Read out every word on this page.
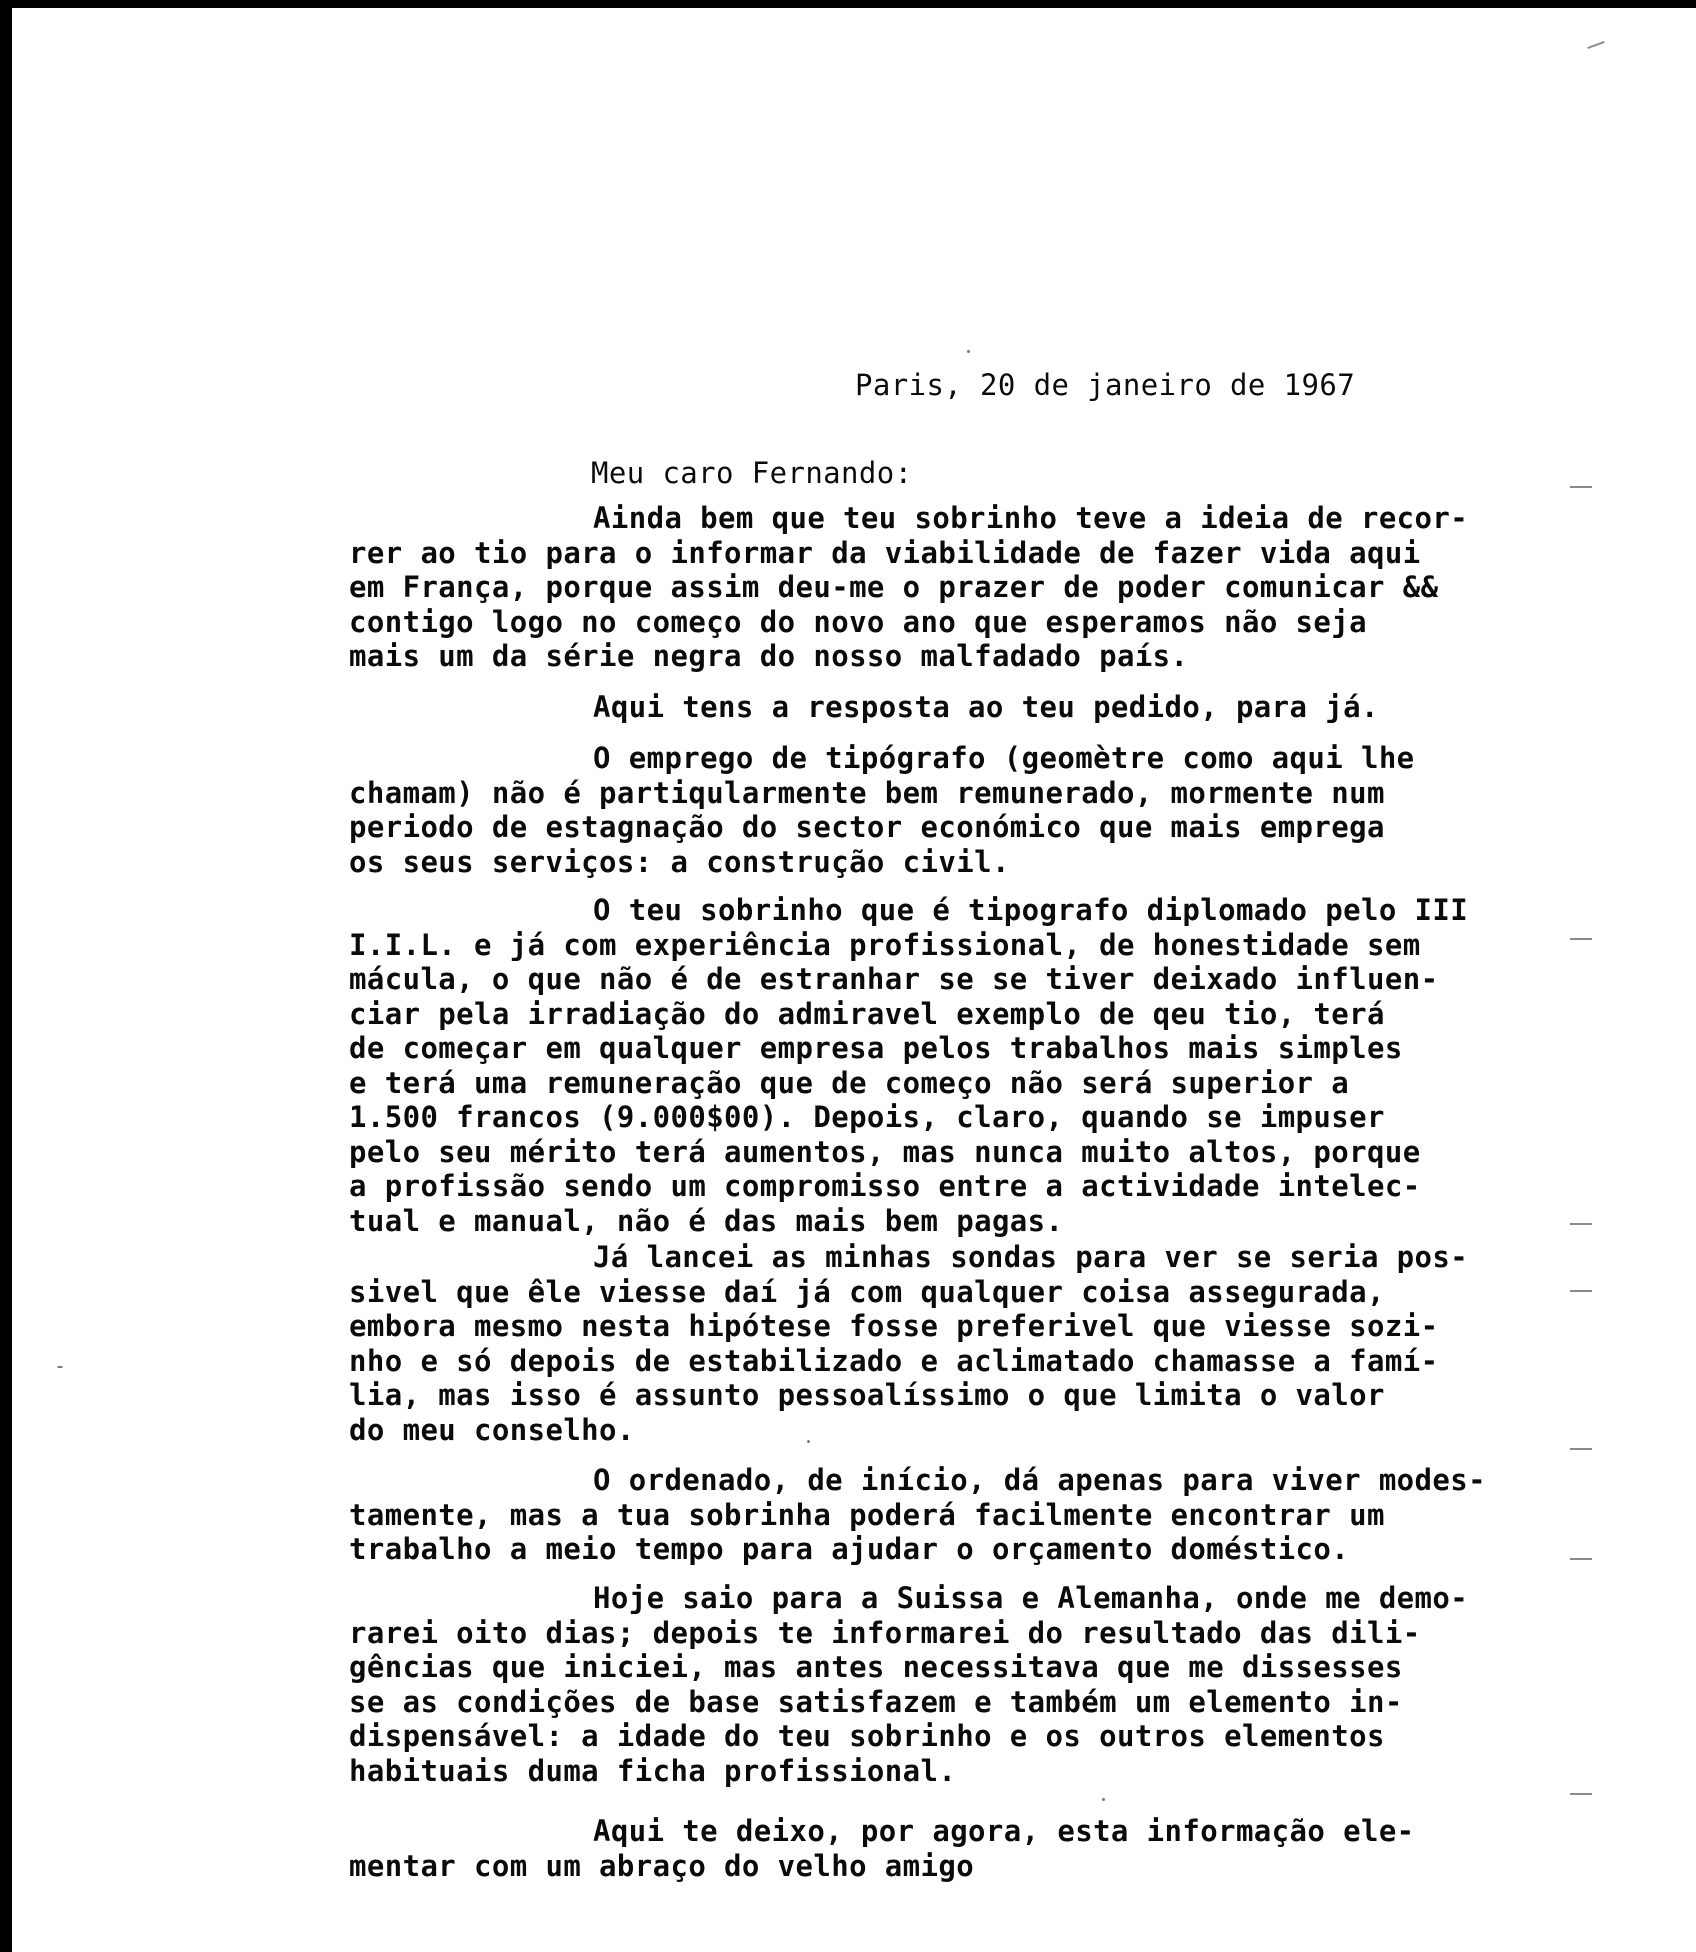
Paris, 20 de janeiro de 1967
Meu caro Fernando:
Ainda bem que teu sobrinho teve a ideia de recor-
rer ao tio para o informar da viabilidade de fazer vida aqui
em França, porque assim deu-me o prazer de poder comunicar &&
contigo logo no começo do novo ano que esperamos não seja
mais um da série negra do nosso malfadado país.
Aqui tens a resposta ao teu pedido, para já.
O emprego de tipógrafo (geomètre como aqui lhe
chamam) não é partiqularmente bem remunerado, mormente num
periodo de estagnação do sector económico que mais emprega
os seus serviços: a construção civil.
O teu sobrinho que é tipografo diplomado pelo III
I.I.L. e já com experiência profissional, de honestidade sem
mácula, o que não é de estranhar se se tiver deixado influen-
ciar pela irradiação do admiravel exemplo de qeu tio, terá
de começar em qualquer empresa pelos trabalhos mais simples
e terá uma remuneração que de começo não será superior a
1.500 francos (9.000$00). Depois, claro, quando se impuser
pelo seu mérito terá aumentos, mas nunca muito altos, porque
a profissão sendo um compromisso entre a actividade intelec-
tual e manual, não é das mais bem pagas.
Já lancei as minhas sondas para ver se seria pos-
sivel que êle viesse daí já com qualquer coisa assegurada,
embora mesmo nesta hipótese fosse preferivel que viesse sozi-
nho e só depois de estabilizado e aclimatado chamasse a famí-
lia, mas isso é assunto pessoalíssimo o que limita o valor
do meu conselho.
O ordenado, de início, dá apenas para viver modes-
tamente, mas a tua sobrinha poderá facilmente encontrar um
trabalho a meio tempo para ajudar o orçamento doméstico.
Hoje saio para a Suissa e Alemanha, onde me demo-
rarei oito dias; depois te informarei do resultado das dili-
gências que iniciei, mas antes necessitava que me dissesses
se as condições de base satisfazem e também um elemento in-
dispensável: a idade do teu sobrinho e os outros elementos
habituais duma ficha profissional.
Aqui te deixo, por agora, esta informação ele-
mentar com um abraço do velho amigo
